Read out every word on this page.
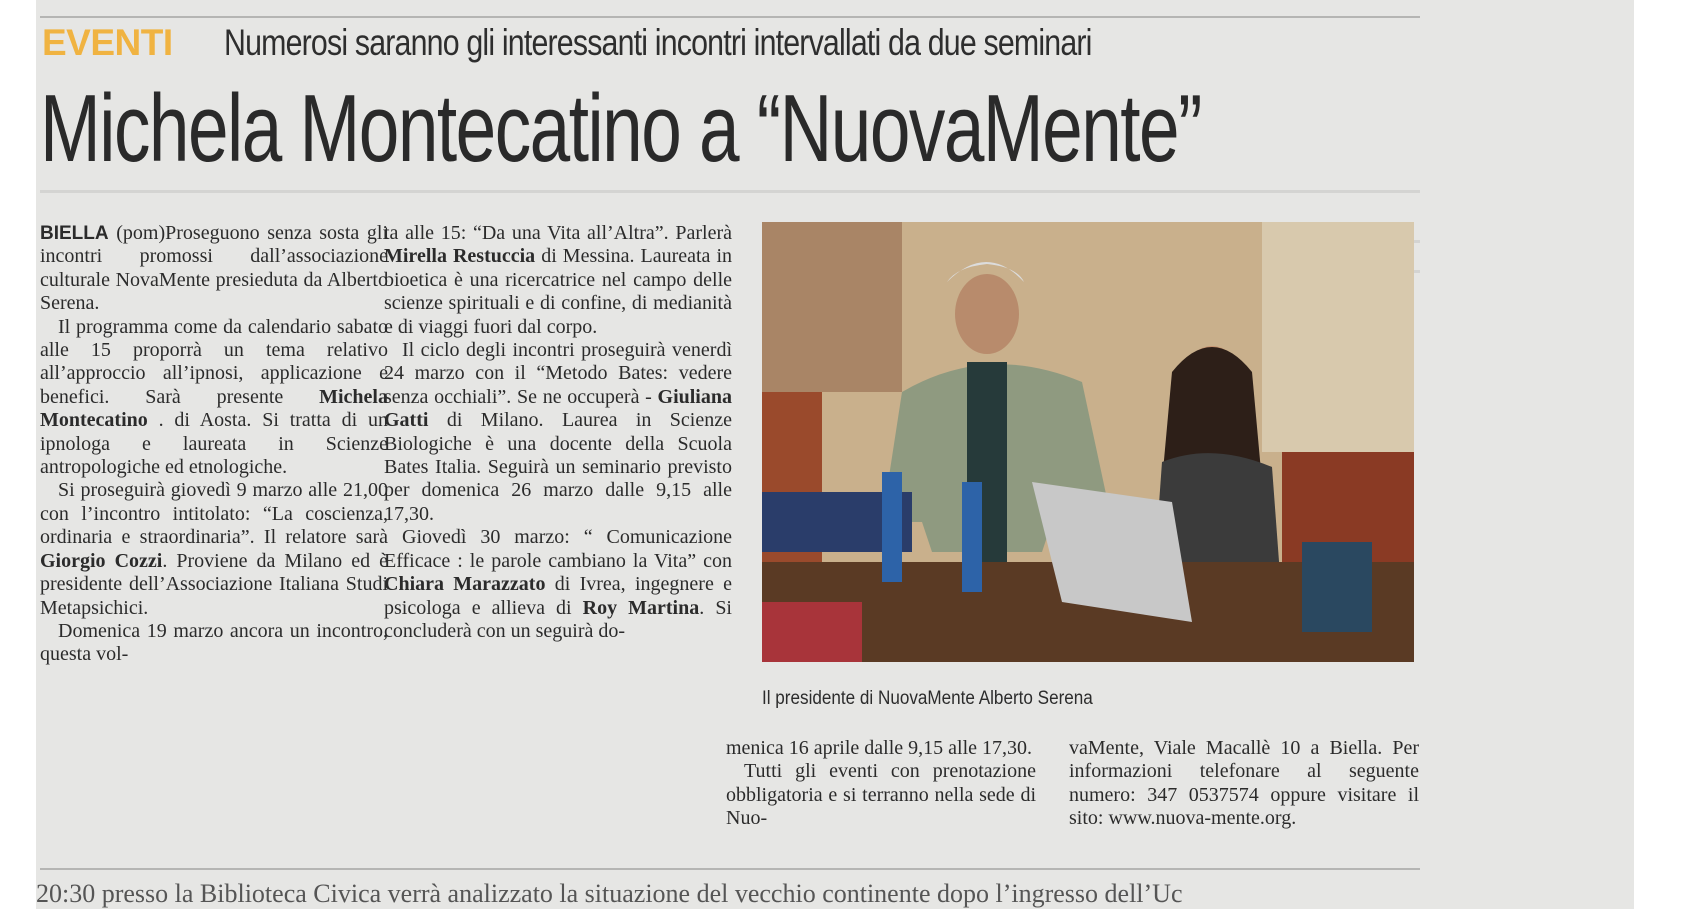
EVENTI Numerosi saranno gli interessanti incontri intervallati da due seminari
Michela Montecatino a “NuovaMente”

BIELLA (pom)Proseguono senza sosta gli incontri promossi dall’associazione culturale NovaMente presieduta da Alberto Serena.

Il programma come da calendario sabato alle 15 proporrà un tema relativo all’approccio all’ipnosi, applicazione e benefici. Sarà presente Michela Montecatino . di Aosta. Si tratta di un ipnologa e laureata in Scienze antropologiche ed etnologiche.

Si proseguirà giovedì 9 marzo alle 21,00 con l’incontro intitolato: “La coscienza, ordinaria e straordinaria”. Il relatore sarà Giorgio Cozzi. Proviene da Milano ed è presidente dell’Associazione Italiana Studi Metapsichici.

Domenica 19 marzo ancora un incontro, questa vol-

ta alle 15: “Da una Vita all’Altra”. Parlerà Mirella Restuccia di Messina. Laureata in bioetica è una ricercatrice nel campo delle scienze spirituali e di confine, di medianità e di viaggi fuori dal corpo.

Il ciclo degli incontri proseguirà venerdì 24 marzo con il “Metodo Bates: vedere senza occhiali”. Se ne occuperà - Giuliana Gatti di Milano. Laurea in Scienze Biologiche è una docente della Scuola Bates Italia. Seguirà un seminario previsto per domenica 26 marzo dalle 9,15 alle 17,30.

Giovedì 30 marzo: “ Comunicazione Efficace : le parole cambiano la Vita” con Chiara Marazzato di Ivrea, ingegnere e psicologa e allieva di Roy Martina. Si concluderà con un seguirà do-

Il presidente di NuovaMente Alberto Serena

menica 16 aprile dalle 9,15 alle 17,30.

Tutti gli eventi con prenotazione obbligatoria e si terranno nella sede di Nuo-

vaMente, Viale Macallè 10 a Biella. Per informazioni telefonare al seguente numero: 347 0537574 oppure visitare il sito: www.nuova-mente.org.

20:30 presso la Biblioteca Civica verrà analizzato la situazione del vecchio continente dopo l’ingresso dell’Uc
